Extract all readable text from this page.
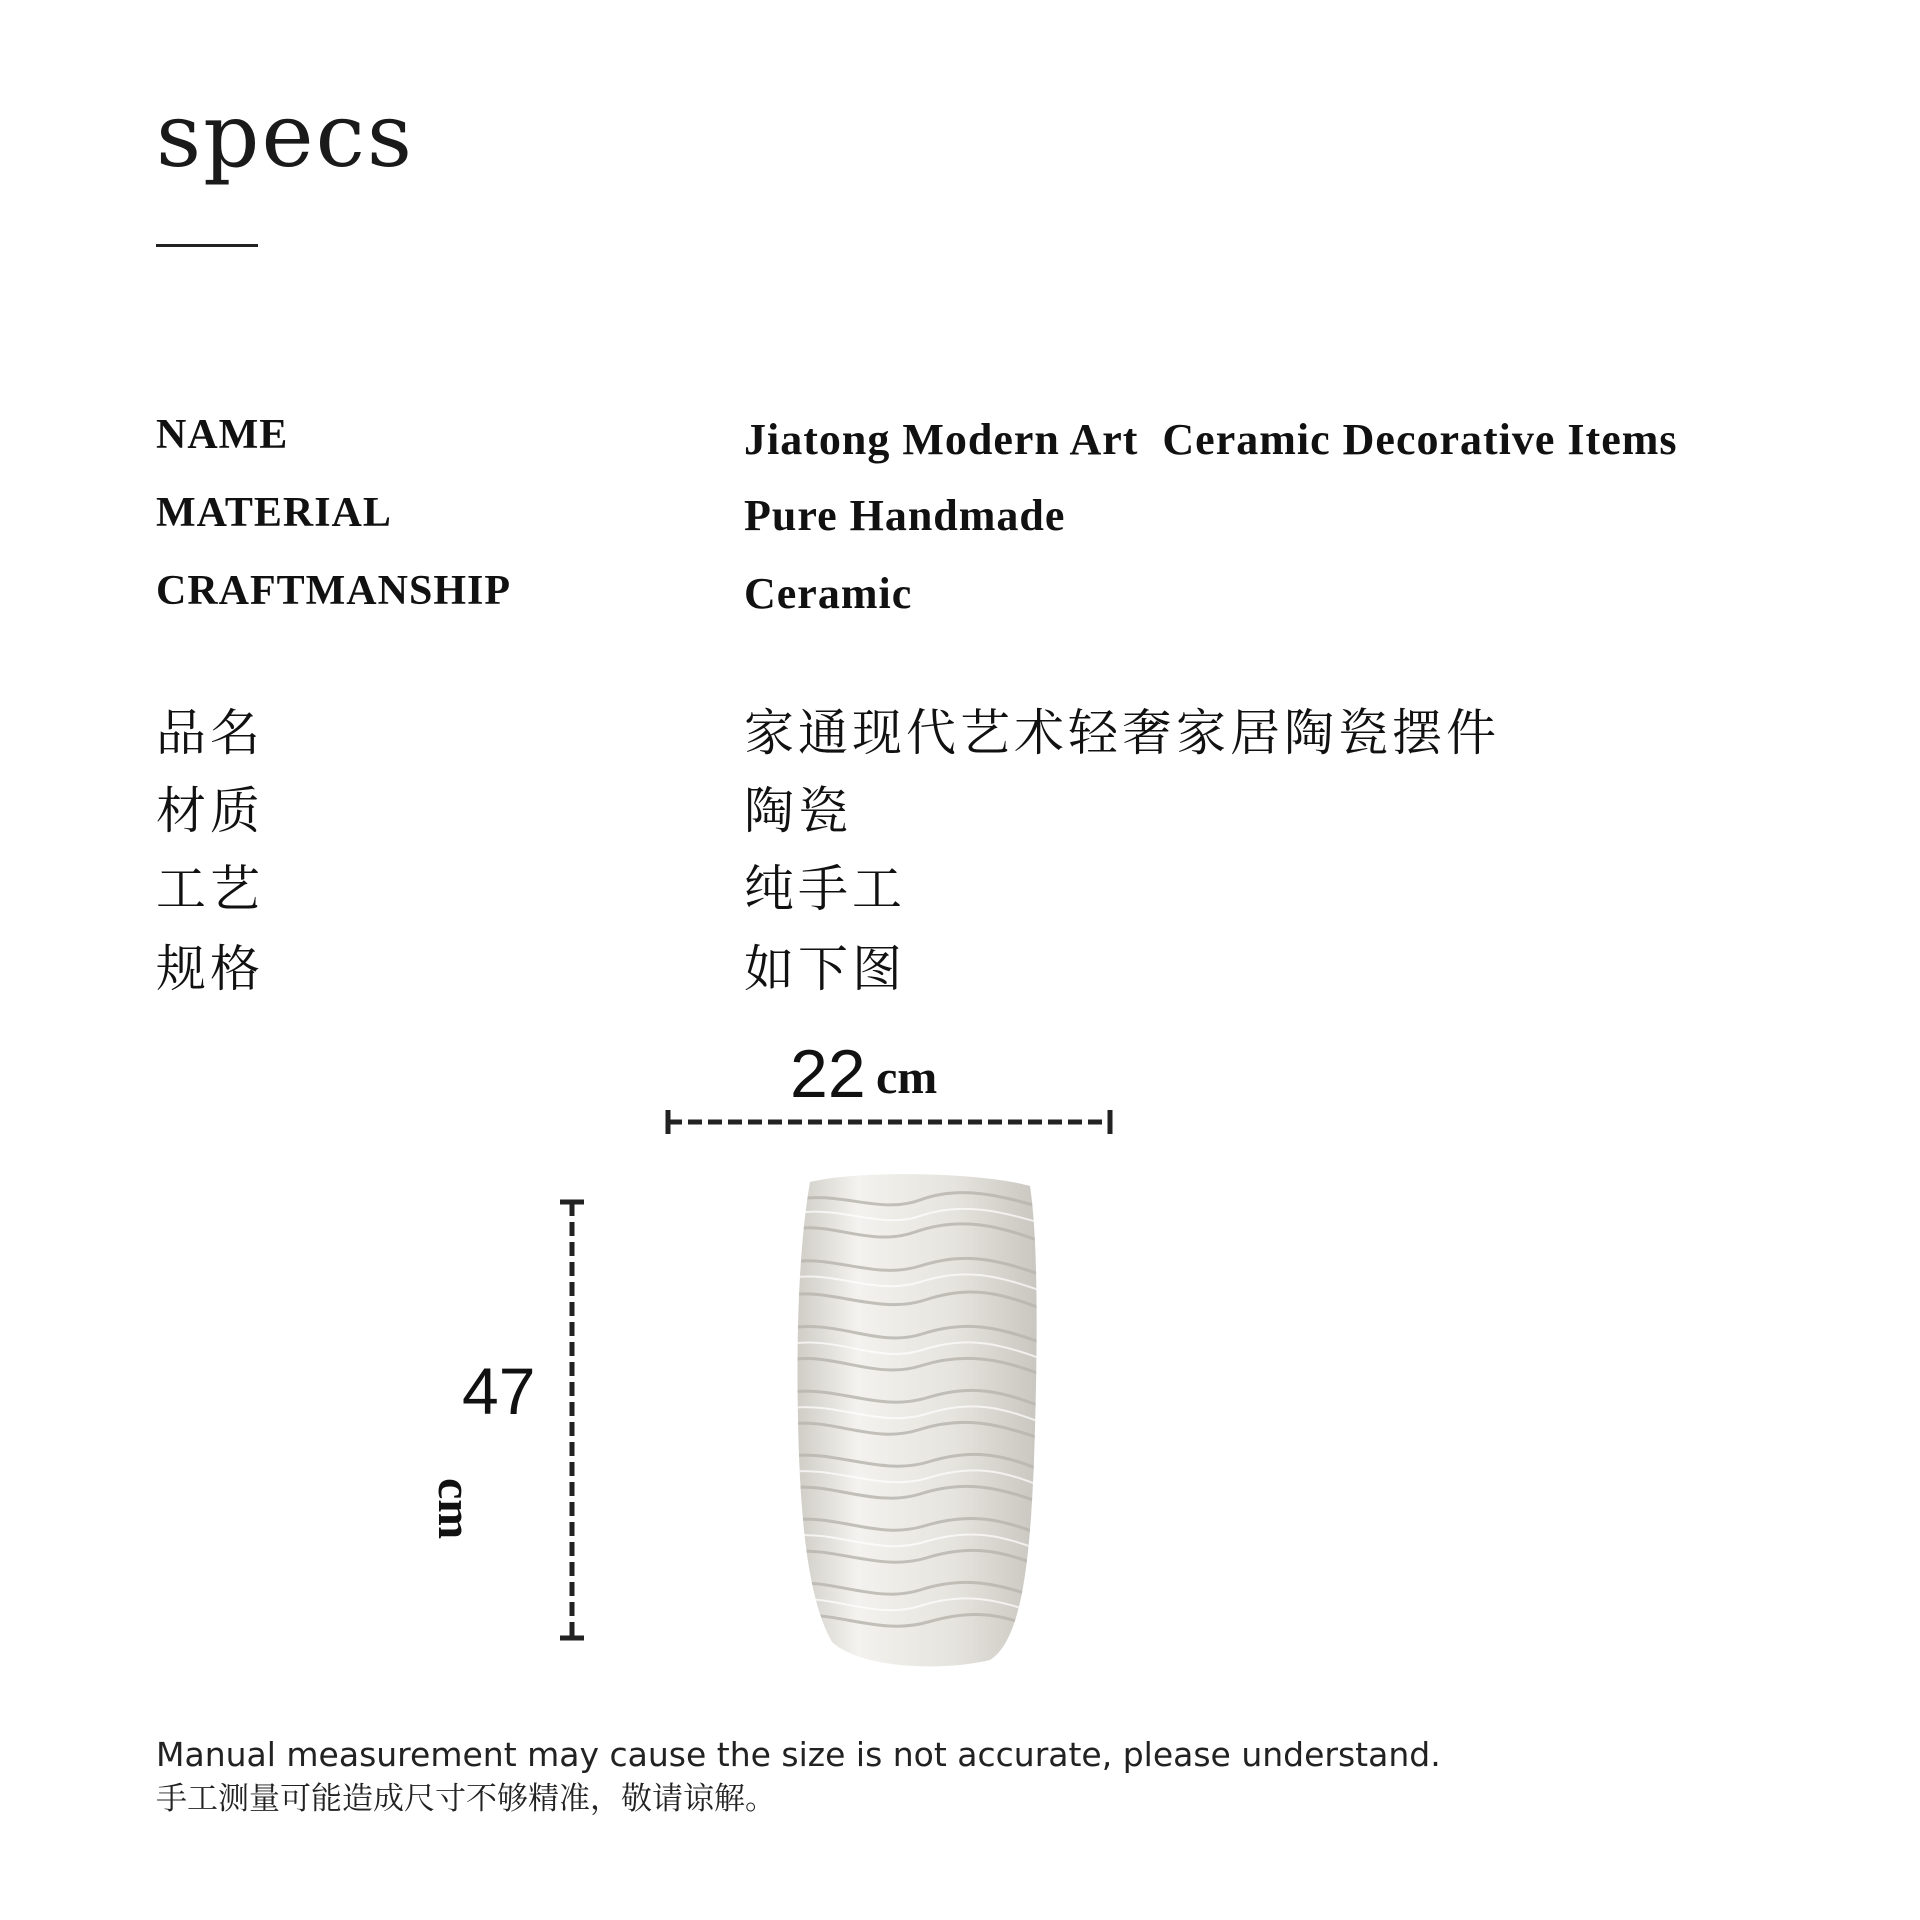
specs
NAME	Jiatong Modern Art  Ceramic Decorative Items
MATERIAL	Pure Handmade
CRAFTMANSHIP	Ceramic
品名	家通现代艺术轻奢家居陶瓷摆件
材质	陶瓷
工艺	纯手工
规格	如下图
22 cm
47
cm
Manual measurement may cause the size is not accurate, please understand.
手工测量可能造成尺寸不够精准，敬请谅解。
